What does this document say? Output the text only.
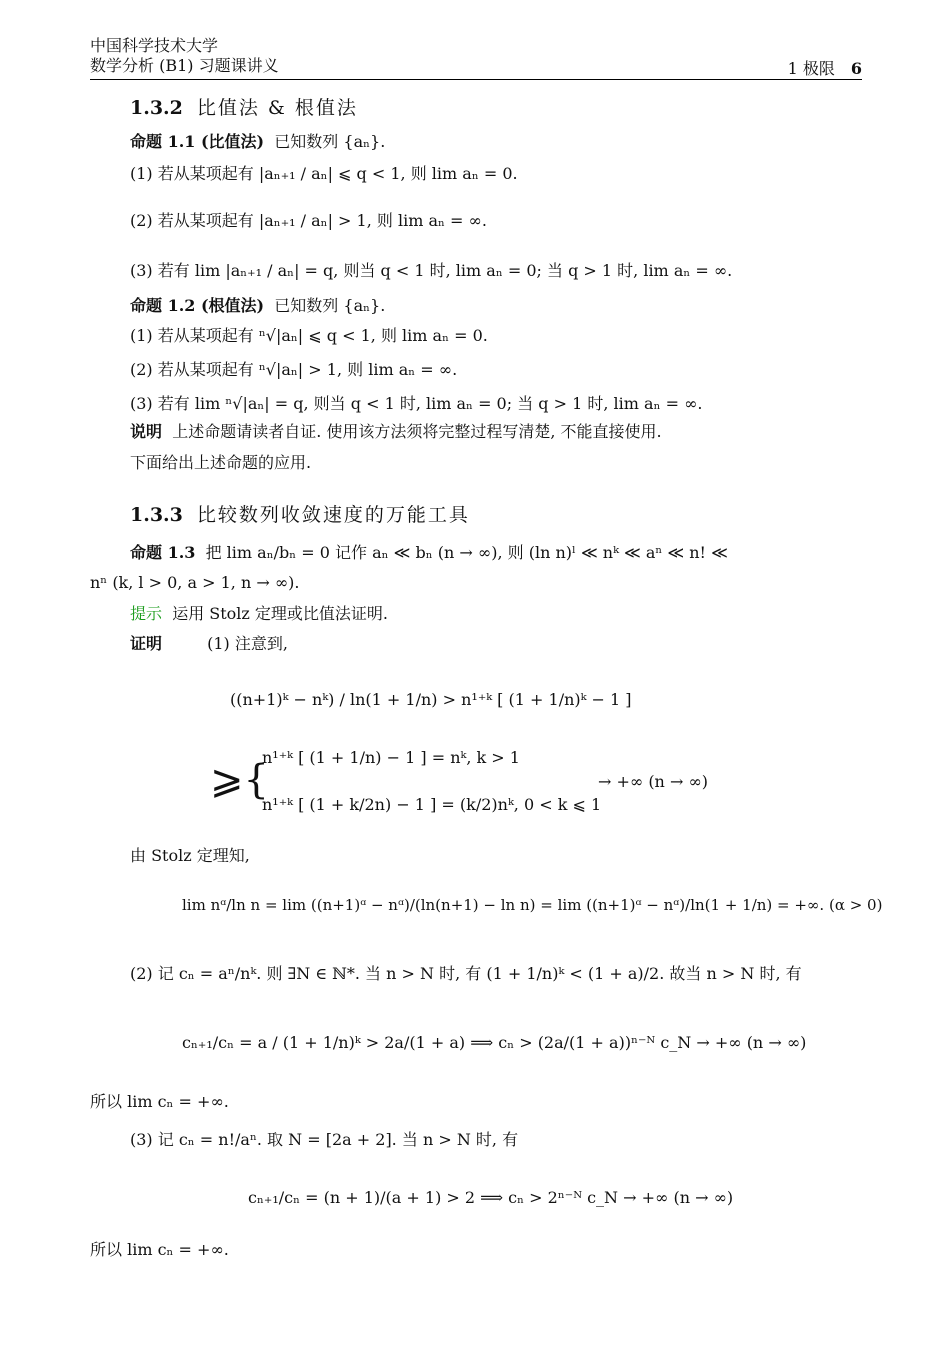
中国科学技术大学
数学分析 (B1) 习题课讲义	1 极限 6
1.3.2 比值法 & 根值法
命题 1.1 (比值法) 已知数列 {aₙ}.
(1) 若从某项起有 |aₙ₊₁ / aₙ| ⩽ q < 1, 则 lim aₙ = 0.
(2) 若从某项起有 |aₙ₊₁ / aₙ| > 1, 则 lim aₙ = ∞.
(3) 若有 lim |aₙ₊₁ / aₙ| = q, 则当 q < 1 时, lim aₙ = 0; 当 q > 1 时, lim aₙ = ∞.
命题 1.2 (根值法) 已知数列 {aₙ}.
(1) 若从某项起有 ⁿ√|aₙ| ⩽ q < 1, 则 lim aₙ = 0.
(2) 若从某项起有 ⁿ√|aₙ| > 1, 则 lim aₙ = ∞.
(3) 若有 lim ⁿ√|aₙ| = q, 则当 q < 1 时, lim aₙ = 0; 当 q > 1 时, lim aₙ = ∞.
说明 上述命题请读者自证. 使用该方法须将完整过程写清楚, 不能直接使用.
下面给出上述命题的应用.
1.3.3 比较数列收敛速度的万能工具
命题 1.3 把 lim aₙ/bₙ = 0 记作 aₙ ≪ bₙ (n → ∞), 则 (ln n)ˡ ≪ nᵏ ≪ aⁿ ≪ n! ≪
nⁿ (k, l > 0, a > 1, n → ∞).
提示 运用 Stolz 定理或比值法证明.
证明	(1) 注意到,
((n+1)ᵏ − nᵏ) / ln(1 + 1/n) > n¹⁺ᵏ [ (1 + 1/n)ᵏ − 1 ]
⩾{
n¹⁺ᵏ [ (1 + 1/n) − 1 ] = nᵏ, k > 1
n¹⁺ᵏ [ (1 + k/2n) − 1 ] = (k/2)nᵏ, 0 < k ⩽ 1
→ +∞ (n → ∞)
由 Stolz 定理知,
lim nᵅ/ln n = lim ((n+1)ᵅ − nᵅ)/(ln(n+1) − ln n) = lim ((n+1)ᵅ − nᵅ)/ln(1 + 1/n) = +∞. (α > 0)
(2) 记 cₙ = aⁿ/nᵏ. 则 ∃N ∈ ℕ*. 当 n > N 时, 有 (1 + 1/n)ᵏ < (1 + a)/2. 故当 n > N 时, 有
cₙ₊₁/cₙ = a / (1 + 1/n)ᵏ > 2a/(1 + a) ⟹ cₙ > (2a/(1 + a))ⁿ⁻ᴺ c_N → +∞ (n → ∞)
所以 lim cₙ = +∞.
(3) 记 cₙ = n!/aⁿ. 取 N = [2a + 2]. 当 n > N 时, 有
cₙ₊₁/cₙ = (n + 1)/(a + 1) > 2 ⟹ cₙ > 2ⁿ⁻ᴺ c_N → +∞ (n → ∞)
所以 lim cₙ = +∞.
